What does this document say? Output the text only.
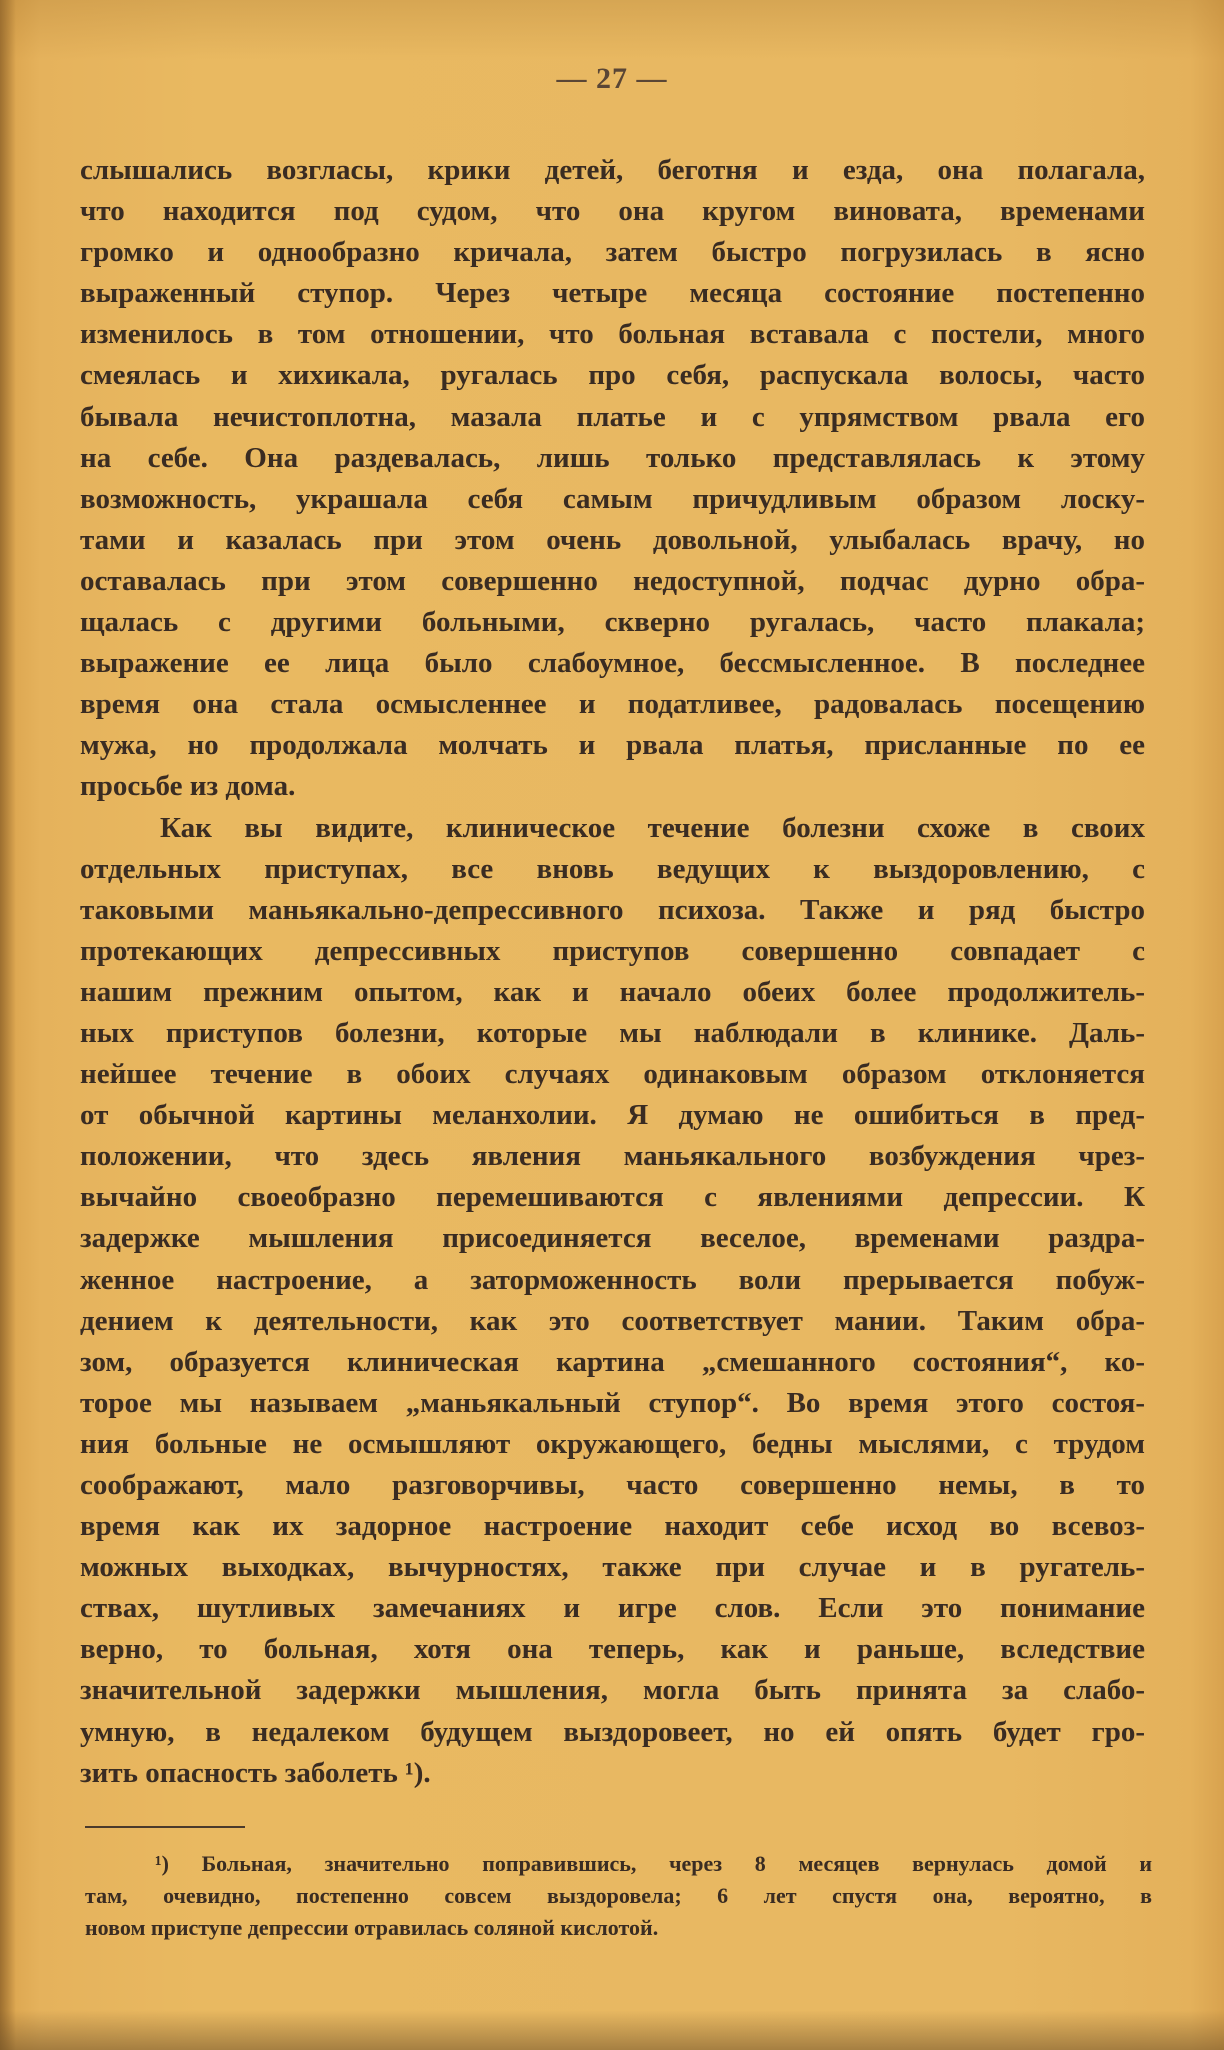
— 27 —
слышались возгласы, крики детей, беготня и езда, она полагала,
что находится под судом, что она кругом виновата, временами
громко и однообразно кричала, затем быстро погрузилась в ясно
выраженный ступор. Через четыре месяца состояние постепенно
изменилось в том отношении, что больная вставала с постели, много
смеялась и хихикала, ругалась про себя, распускала волосы, часто
бывала нечистоплотна, мазала платье и с упрямством рвала его
на себе. Она раздевалась, лишь только представлялась к этому
возможность, украшала себя самым причудливым образом лоску-
тами и казалась при этом очень довольной, улыбалась врачу, но
оставалась при этом совершенно недоступной, подчас дурно обра-
щалась с другими больными, скверно ругалась, часто плакала;
выражение ее лица было слабоумное, бессмысленное. В последнее
время она стала осмысленнее и податливее, радовалась посещению
мужа, но продолжала молчать и рвала платья, присланные по ее
просьбе из дома.
Как вы видите, клиническое течение болезни схоже в своих
отдельных приступах, все вновь ведущих к выздоровлению, с
таковыми маньякально-депрессивного психоза. Также и ряд быстро
протекающих депрессивных приступов совершенно совпадает с
нашим прежним опытом, как и начало обеих более продолжитель-
ных приступов болезни, которые мы наблюдали в клинике. Даль-
нейшее течение в обоих случаях одинаковым образом отклоняется
от обычной картины меланхолии. Я думаю не ошибиться в пред-
положении, что здесь явления маньякального возбуждения чрез-
вычайно своеобразно перемешиваются с явлениями депрессии. К
задержке мышления присоединяется веселое, временами раздра-
женное настроение, а заторможенность воли прерывается побуж-
дением к деятельности, как это соответствует мании. Таким обра-
зом, образуется клиническая картина „смешанного состояния“, ко-
торое мы называем „маньякальный ступор“. Во время этого состоя-
ния больные не осмышляют окружающего, бедны мыслями, с трудом
соображают, мало разговорчивы, часто совершенно немы, в то
время как их задорное настроение находит себе исход во всевоз-
можных выходках, вычурностях, также при случае и в ругатель-
ствах, шутливых замечаниях и игре слов. Если это понимание
верно, то больная, хотя она теперь, как и раньше, вследствие
значительной задержки мышления, могла быть принята за слабо-
умную, в недалеком будущем выздоровеет, но ей опять будет гро-
зить опасность заболеть ¹).
¹) Больная, значительно поправившись, через 8 месяцев вернулась домой и
там, очевидно, постепенно совсем выздоровела; 6 лет спустя она, вероятно, в
новом приступе депрессии отравилась соляной кислотой.
